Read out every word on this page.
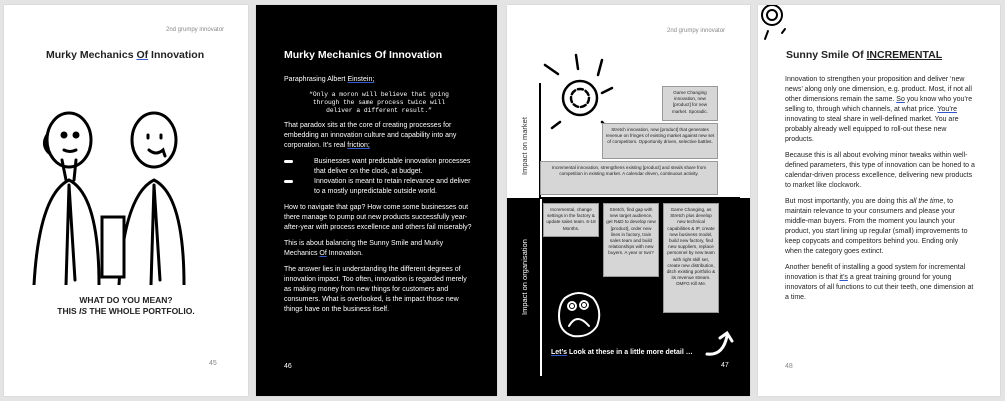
2nd grumpy innovator
Murky Mechanics Of Innovation
WHAT DO YOU MEAN?
THIS IS THE WHOLE PORTFOLIO.
45
Murky Mechanics Of Innovation

Paraphrasing Albert Einstein;

“Only a moron will believe that going
through the same process twice will
deliver a different result.”

That paradox sits at the core of creating processes for embedding an innovation culture and capability into any corporation. It’s real friction;

Businesses want predictable innovation processes that deliver on the clock, at budget.

Innovation is meant to retain relevance and deliver to a mostly unpredictable outside world.

How to navigate that gap? How come some businesses out there manage to pump out new products successfully year-after-year with process excellence and others fail miserably?

This is about balancing the Sunny Smile and Murky Mechanics Of Innovation.

The answer lies in understanding the different degrees of innovation impact. Too often, innovation is regarded merely as making money from new things for customers and consumers. What is overlooked, is the impact those new things have on the business itself.

46
2nd grumpy innovator
Impact on market
Impact on organisation
Game Changing innovation, new [product] for new market. Sporadic.
Stretch innovation, new [product] that generates revenue on fringes of existing market against new set of competitors. Opportunity driven, selective battles.
Incremental innovation, strengthens existing [product] and steals share from competition in existing market. A calendar driven, continuous activity.
Incremental, change settings in the factory & update sales team. 6-18 Months.
Stretch, find gap with new target audience, get R&D to develop new [product], order new lines in factory, train sales team and build relationships with new buyers. A year or two?
Game Changing, as Stretch plus develop new technical capabilities & IP, create new business model, build new factory, find new suppliers, replace personnel by new team with right skill set, create new distribution, ditch existing portfolio & its revenue stream. OMFG Kill Me.
Let’s Look at these in a little more detail …
47
Sunny Smile Of INCREMENTAL

Innovation to strengthen your proposition and deliver ‘new news’ along only one dimension, e.g. product. Most, if not all other dimensions remain the same. So you know who you’re selling to, through which channels, at what price. You’re innovating to steal share in well-defined market. You are probably already well equipped to roll-out these new products.

Because this is all about evolving minor tweaks within well-defined parameters, this type of innovation can be honed to a calendar-driven process excellence, delivering new products to market like clockwork.

But most importantly, you are doing this all the time, to maintain relevance to your consumers and please your middle-man buyers. From the moment you launch your product, you start lining up regular (small) improvements to keep copycats and competitors behind you. Ending only when the category goes extinct.

Another benefit of installing a good system for incremental innovation is that it’s a great training ground for young innovators of all functions to cut their teeth, one dimension at a time.

48
